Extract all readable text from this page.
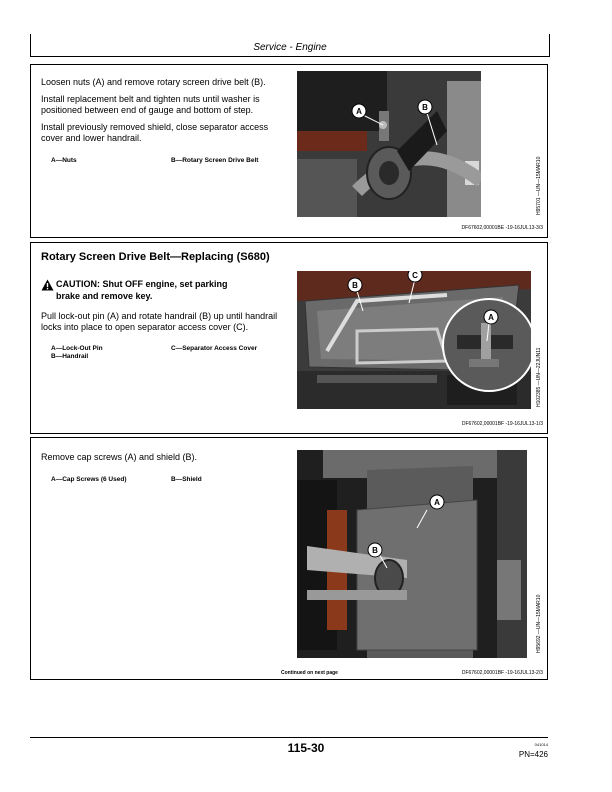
Service - Engine

Loosen nuts (A) and remove rotary screen drive belt (B).

Install replacement belt and tighten nuts until washer is positioned between end of gauge and bottom of step.

Install previously removed shield, close separator access cover and lower handrail.

A—Nuts	B—Rotary Screen Drive Belt
A	B
H95701 —UN—15MAR10
DF67602,00001BE -19-16JUL13-3/3
Rotary Screen Drive Belt—Replacing (S680)
CAUTION: Shut OFF engine, set parking
brake and remove key.

Pull lock-out pin (A) and rotate handrail (B) up until handrail locks into place to open separator access cover (C).

A—Lock-Out Pin
B—Handrail
C—Separator Access Cover
A
B
C
H102385 —UN—22JUN11
DF67602,00001BF -19-16JUL13-1/3

Remove cap screws (A) and shield (B).

A—Cap Screws (6 Used)	B—Shield
A
B
H95692 —UN—15MAR10
Continued on next page	DF67602,00001BF -19-16JUL13-2/3
115-30	041014
PN=426
